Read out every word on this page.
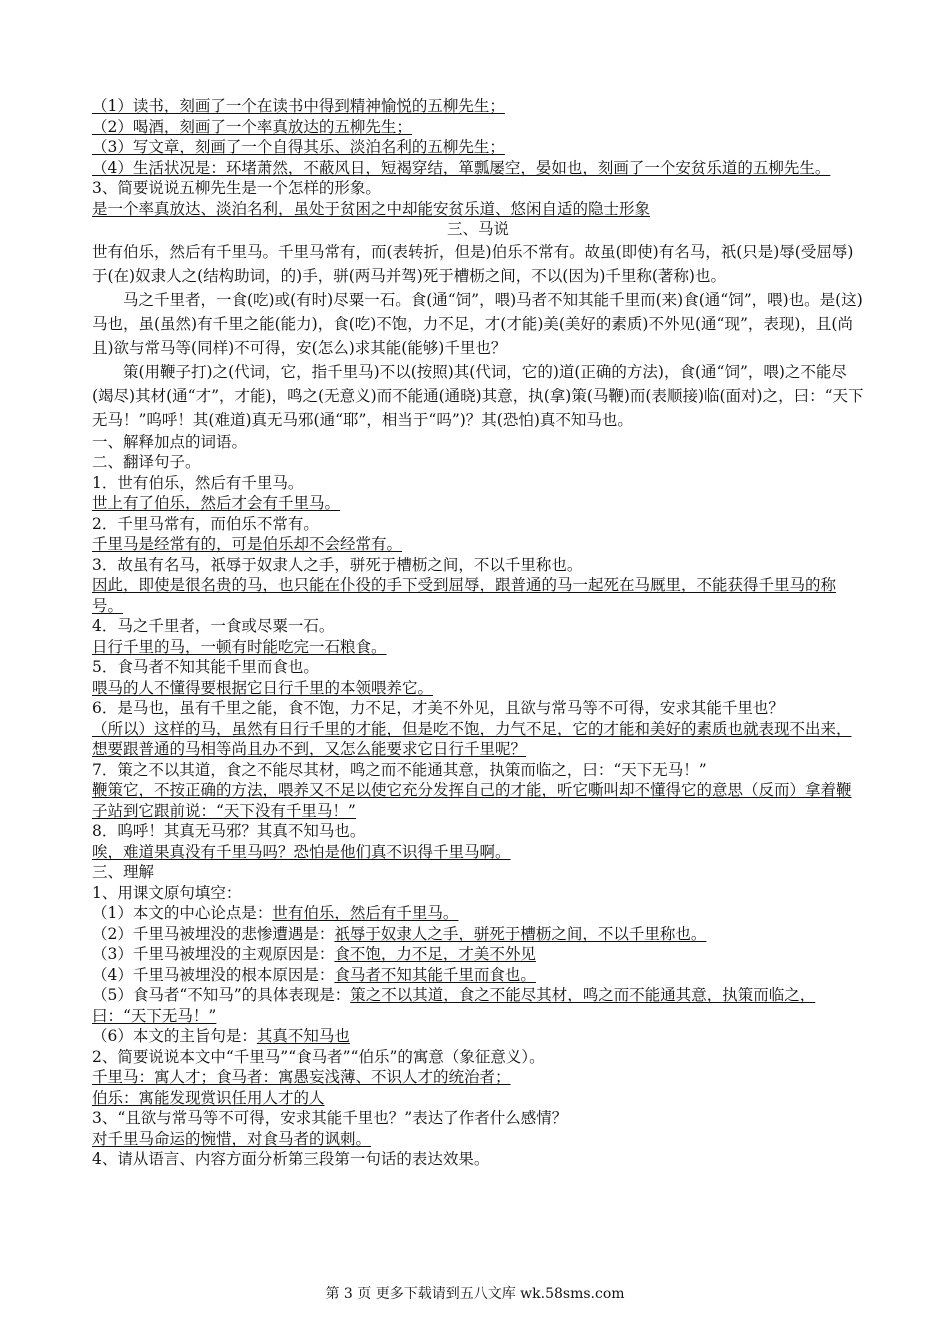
（1）读书，刻画了一个在读书中得到精神愉悦的五柳先生；

（2）喝酒，刻画了一个率真放达的五柳先生；

（3）写文章，刻画了一个自得其乐、淡泊名利的五柳先生；

（4）生活状况是：环堵萧然，不蔽风日，短褐穿结，箪瓢屡空，晏如也，刻画了一个安贫乐道的五柳先生。

3、简要说说五柳先生是一个怎样的形象。

是一个率真放达、淡泊名利，虽处于贫困之中却能安贫乐道、悠闲自适的隐士形象

三、马说

世有伯乐，然后有千里马。千里马常有，而(表转折，但是)伯乐不常有。故虽(即使)有名马，祇(只是)辱(受屈辱)于(在)奴隶人之(结构助词，的)手，骈(两马并驾)死于槽枥之间，不以(因为)千里称(著称)也。

马之千里者，一食(吃)或(有时)尽粟一石。食(通“饲”，喂)马者不知其能千里而(来)食(通“饲”，喂)也。是(这)马也，虽(虽然)有千里之能(能力)，食(吃)不饱，力不足，才(才能)美(美好的素质)不外见(通“现”，表现)，且(尚且)欲与常马等(同样)不可得，安(怎么)求其能(能够)千里也？

策(用鞭子打)之(代词，它，指千里马)不以(按照)其(代词，它的)道(正确的方法)，食(通“饲”，喂)之不能尽(竭尽)其材(通“才”，才能)，鸣之(无意义)而不能通(通晓)其意，执(拿)策(马鞭)而(表顺接)临(面对)之，曰：“天下无马！”呜呼！其(难道)真无马邪(通“耶”，相当于“吗”)？其(恐怕)真不知马也。

一、解释加点的词语。

二、翻译句子。

1．世有伯乐，然后有千里马。

世上有了伯乐，然后才会有千里马。

2．千里马常有，而伯乐不常有。

千里马是经常有的，可是伯乐却不会经常有。

3．故虽有名马，祇辱于奴隶人之手，骈死于槽枥之间，不以千里称也。

因此，即使是很名贵的马，也只能在仆役的手下受到屈辱，跟普通的马一起死在马厩里，不能获得千里马的称号。

4．马之千里者，一食或尽粟一石。

日行千里的马，一顿有时能吃完一石粮食。

5．食马者不知其能千里而食也。

喂马的人不懂得要根据它日行千里的本领喂养它。

6．是马也，虽有千里之能，食不饱，力不足，才美不外见，且欲与常马等不可得，安求其能千里也？

（所以）这样的马，虽然有日行千里的才能，但是吃不饱，力气不足，它的才能和美好的素质也就表现不出来，想要跟普通的马相等尚且办不到，又怎么能要求它日行千里呢？

7．策之不以其道，食之不能尽其材，鸣之而不能通其意，执策而临之，曰：“天下无马！”

鞭策它，不按正确的方法，喂养又不足以使它充分发挥自己的才能，听它嘶叫却不懂得它的意思（反而）拿着鞭子站到它跟前说：“天下没有千里马！”

8．呜呼！其真无马邪？其真不知马也。

唉，难道果真没有千里马吗？恐怕是他们真不识得千里马啊。

三、理解

1、用课文原句填空：

（1）本文的中心论点是：世有伯乐，然后有千里马。

（2）千里马被埋没的悲惨遭遇是：祇辱于奴隶人之手，骈死于槽枥之间，不以千里称也。

（3）千里马被埋没的主观原因是：食不饱，力不足，才美不外见

（4）千里马被埋没的根本原因是：食马者不知其能千里而食也。

（5）食马者“不知马”的具体表现是：策之不以其道，食之不能尽其材，鸣之而不能通其意，执策而临之，曰：“天下无马！”

（6）本文的主旨句是：其真不知马也

2、简要说说本文中“千里马”“食马者”“伯乐”的寓意（象征意义）。

千里马：寓人才；食马者：寓愚妄浅薄、不识人才的统治者；

伯乐：寓能发现赏识任用人才的人

3、“且欲与常马等不可得，安求其能千里也？”表达了作者什么感情？

对千里马命运的惋惜，对食马者的讽刺。

4、请从语言、内容方面分析第三段第一句话的表达效果。

第 3 页 更多下载请到五八文库 wk.58sms.com
